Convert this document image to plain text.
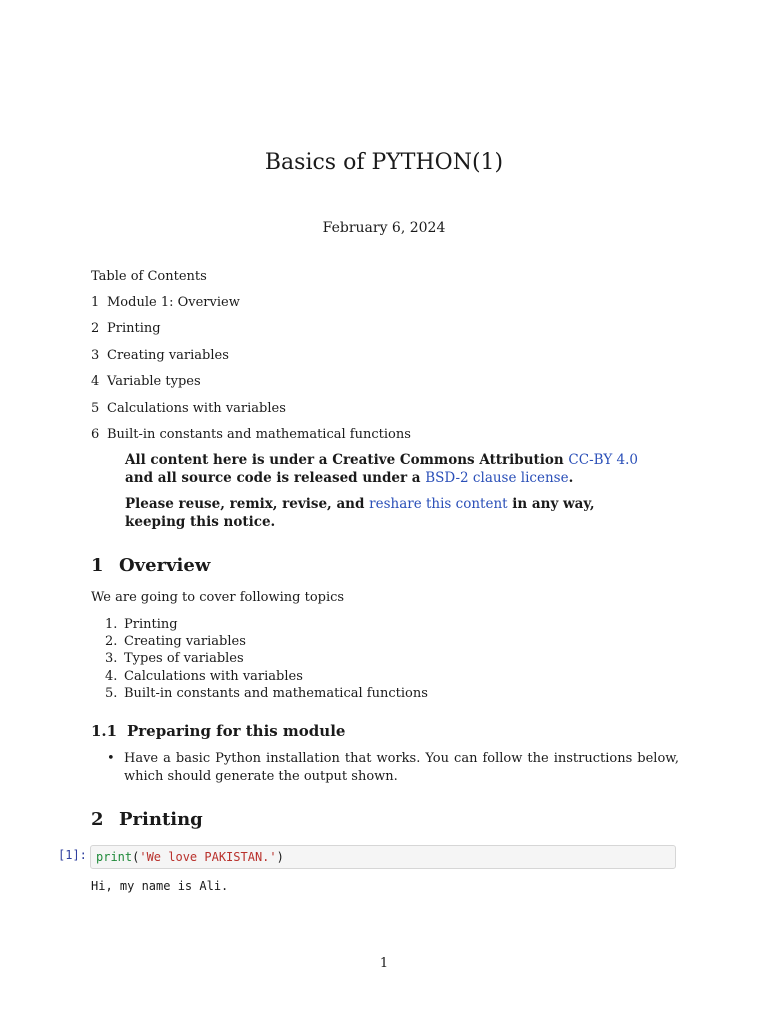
Basics of PYTHON(1)
February 6, 2024
Table of Contents
1 Module 1: Overview
2 Printing
3 Creating variables
4 Variable types
5 Calculations with variables
6 Built-in constants and mathematical functions

All content here is under a Creative Commons Attribution CC-BY 4.0 and all source code is released under a BSD-2 clause license.

Please reuse, remix, revise, and reshare this content in any way, keeping this notice.

1 Overview
We are going to cover following topics
1. Printing
2. Creating variables
3. Types of variables
4. Calculations with variables
5. Built-in constants and mathematical functions
1.1 Preparing for this module
• Have a basic Python installation that works. You can follow the instructions below, which should generate the output shown.
2 Printing
[1]: print('We love PAKISTAN.')
Hi, my name is Ali.
1
